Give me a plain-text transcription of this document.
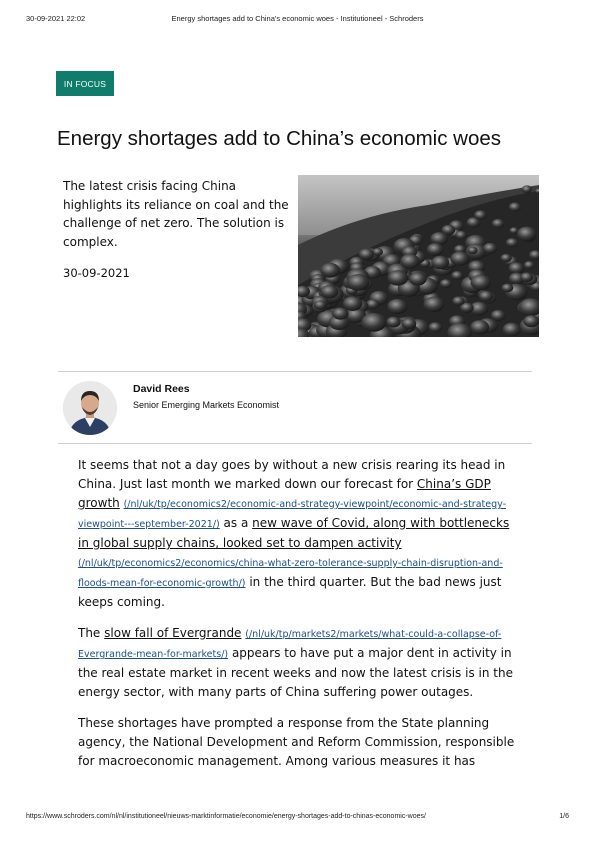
30-09-2021 22:02	Energy shortages add to China's economic woes - Institutioneel - Schroders
IN FOCUS
Energy shortages add to China’s economic woes
The latest crisis facing China highlights its reliance on coal and the challenge of net zero. The solution is complex.
30-09-2021
David Rees
Senior Emerging Markets Economist

It seems that not a day goes by without a new crisis rearing its head in China. Just last month we marked down our forecast for China’s GDP growth (/nl/uk/tp/economics2/economic-and-strategy-viewpoint/economic-and-strategy-viewpoint---september-2021/) as a new wave of Covid, along with bottlenecks in global supply chains, looked set to dampen activity (/nl/uk/tp/economics2/economics/china-what-zero-tolerance-supply-chain-disruption-and-floods-mean-for-economic-growth/) in the third quarter. But the bad news just keeps coming.

The slow fall of Evergrande (/nl/uk/tp/markets2/markets/what-could-a-collapse-of-Evergrande-mean-for-markets/) appears to have put a major dent in activity in the real estate market in recent weeks and now the latest crisis is in the energy sector, with many parts of China suffering power outages.

These shortages have prompted a response from the State planning agency, the National Development and Reform Commission, responsible for macroeconomic management. Among various measures it has

https://www.schroders.com/nl/nl/institutioneel/nieuws-marktinformatie/economie/energy-shortages-add-to-chinas-economic-woes/	1/6
